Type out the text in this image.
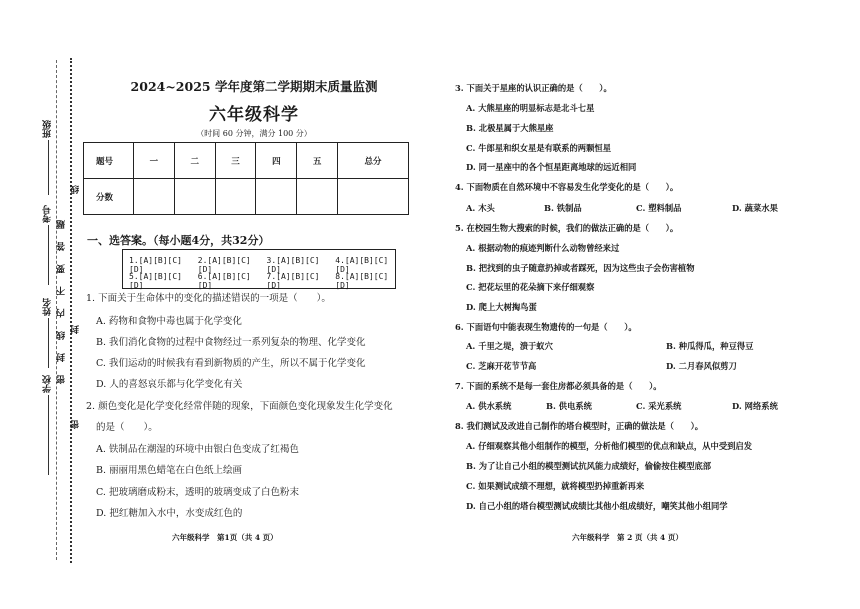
班级
考号
姓名
学校
密 封 线 内 不 要 答 题
线
封
密
2024~2025 学年度第二学期期末质量监测
六年级科学
（时间 60 分钟，满分 100 分）
题号	一	二	三	四	五	总分
分数						
一、选答案。（每小题4分，共32分）
1.[A][B][C][D]
2.[A][B][C][D]
3.[A][B][C][D]
4.[A][B][C][D]
5.[A][B][C][D]
6.[A][B][C][D]
7.[A][B][C][D]
8.[A][B][C][D]
1. 下面关于生命体中的变化的描述错误的一项是（　　）。
A. 药物和食物中毒也属于化学变化
B. 我们消化食物的过程中食物经过一系列复杂的物理、化学变化
C. 我们运动的时候我有看到新物质的产生，所以不属于化学变化
D. 人的喜怒哀乐都与化学变化有关
2. 颜色变化是化学变化经常伴随的现象，下面颜色变化现象发生化学变化
的是（　　）。
A. 铁制品在潮湿的环境中由银白色变成了红褐色
B. 丽丽用黑色蜡笔在白色纸上绘画
C. 把玻璃磨成粉末，透明的玻璃变成了白色粉末
D. 把红糖加入水中，水变成红色的
六年级科学　第1页（共 4 页）
3. 下面关于星座的认识正确的是（　　）。
A. 大熊星座的明显标志是北斗七星
B. 北极星属于大熊星座
C. 牛郎星和织女星是有联系的两颗恒星
D. 同一星座中的各个恒星距离地球的远近相同
4. 下面物质在自然环境中不容易发生化学变化的是（　　）。
A. 木头	B. 铁制品	C. 塑料制品	D. 蔬菜水果
5. 在校园生物大搜索的时候，我们的做法正确的是（　　）。
A. 根据动物的痕迹判断什么动物曾经来过
B. 把找到的虫子随意扔掉或者踩死，因为这些虫子会伤害植物
C. 把花坛里的花朵摘下来仔细观察
D. 爬上大树掏鸟蛋
6. 下面语句中能表现生物遗传的一句是（　　）。
A. 千里之堤，溃于蚁穴	B. 种瓜得瓜，种豆得豆
C. 芝麻开花节节高	D. 二月春风似剪刀
7. 下面的系统不是每一套住房都必须具备的是（　　）。
A. 供水系统	B. 供电系统	C. 采光系统	D. 网络系统
8. 我们测试及改进自己制作的塔台模型时，正确的做法是（　　）。
A. 仔细观察其他小组制作的模型，分析他们模型的优点和缺点，从中受到启发
B. 为了让自己小组的模型测试抗风能力成绩好，偷偷按住模型底部
C. 如果测试成绩不理想，就将模型扔掉重新再来
D. 自己小组的塔台模型测试成绩比其他小组成绩好，嘲笑其他小组同学
六年级科学　第 2 页（共 4 页）
